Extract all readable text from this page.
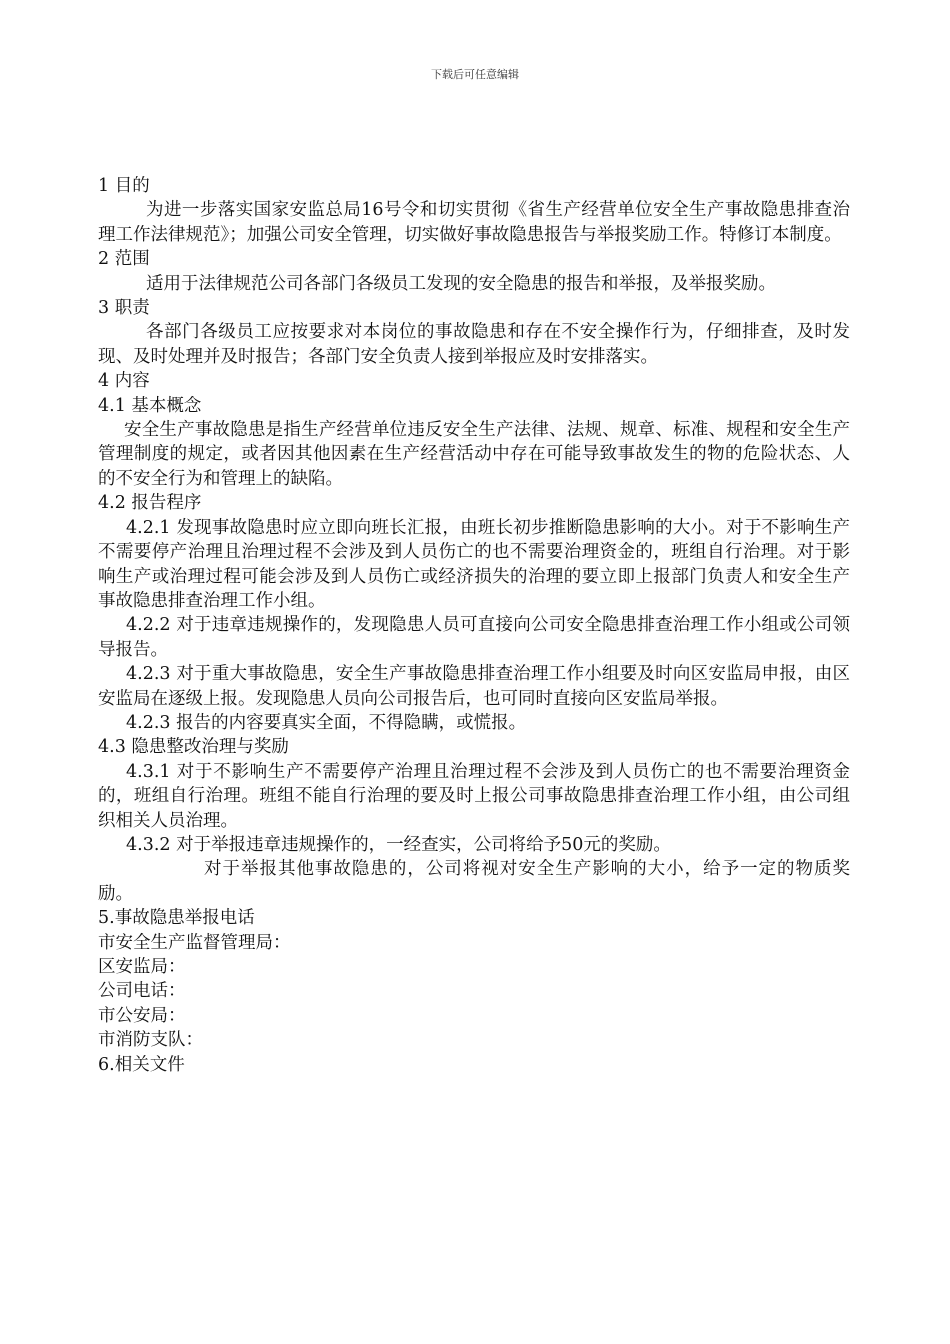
下载后可任意编辑

1 目的

为进一步落实国家安监总局16号令和切实贯彻《省生产经营单位安全生产事故隐患排查治理工作法律规范》；加强公司安全管理，切实做好事故隐患报告与举报奖励工作。特修订本制度。

2 范围

适用于法律规范公司各部门各级员工发现的安全隐患的报告和举报，及举报奖励。

3 职责

各部门各级员工应按要求对本岗位的事故隐患和存在不安全操作行为，仔细排查，及时发现、及时处理并及时报告；各部门安全负责人接到举报应及时安排落实。

4 内容

4.1 基本概念

安全生产事故隐患是指生产经营单位违反安全生产法律、法规、规章、标准、规程和安全生产管理制度的规定，或者因其他因素在生产经营活动中存在可能导致事故发生的物的危险状态、人的不安全行为和管理上的缺陷。

4.2 报告程序

4.2.1 发现事故隐患时应立即向班长汇报，由班长初步推断隐患影响的大小。对于不影响生产不需要停产治理且治理过程不会涉及到人员伤亡的也不需要治理资金的，班组自行治理。对于影响生产或治理过程可能会涉及到人员伤亡或经济损失的治理的要立即上报部门负责人和安全生产事故隐患排查治理工作小组。

4.2.2 对于违章违规操作的，发现隐患人员可直接向公司安全隐患排查治理工作小组或公司领导报告。

4.2.3 对于重大事故隐患，安全生产事故隐患排查治理工作小组要及时向区安监局申报，由区安监局在逐级上报。发现隐患人员向公司报告后，也可同时直接向区安监局举报。

4.2.3 报告的内容要真实全面，不得隐瞒，或慌报。

4.3 隐患整改治理与奖励

4.3.1 对于不影响生产不需要停产治理且治理过程不会涉及到人员伤亡的也不需要治理资金的，班组自行治理。班组不能自行治理的要及时上报公司事故隐患排查治理工作小组，由公司组织相关人员治理。

4.3.2 对于举报违章违规操作的，一经查实，公司将给予50元的奖励。

对于举报其他事故隐患的，公司将视对安全生产影响的大小，给予一定的物质奖励。

5.事故隐患举报电话

市安全生产监督管理局：

区安监局：

公司电话：

市公安局：

市消防支队：

6.相关文件
